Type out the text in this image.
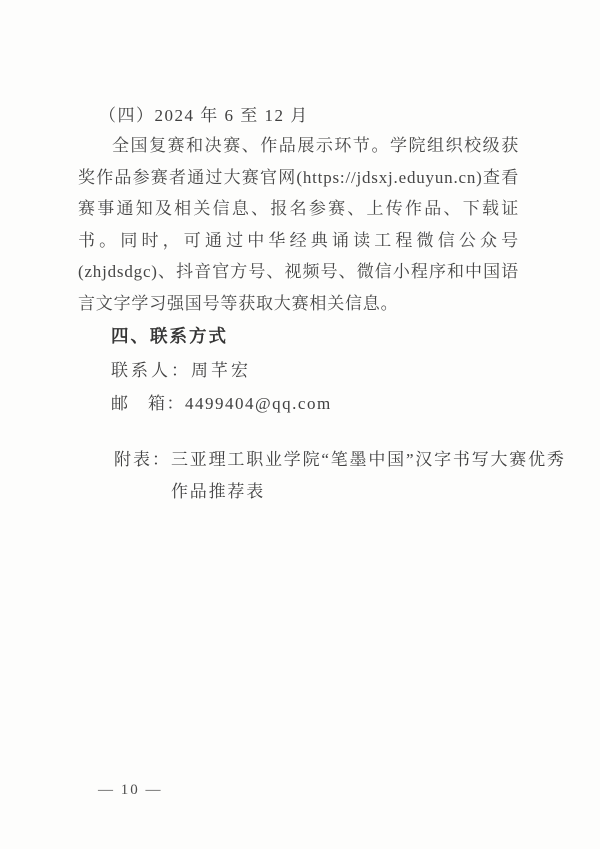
（四）2024 年 6 至 12 月
全国复赛和决赛、作品展示环节。学院组织校级获奖作品参赛者通过大赛官网(https://jdsxj.eduyun.cn)查看赛事通知及相关信息、报名参赛、上传作品、下载证书。同时，可通过中华经典诵读工程微信公众号(zhjdsdgc)、抖音官方号、视频号、微信小程序和中国语言文字学习强国号等获取大赛相关信息。
四、联系方式
联系人：周芊宏
邮　箱：4499404@qq.com
附表： 三亚理工职业学院“笔墨中国”汉字书写大赛优秀
作品推荐表
— 10 —
